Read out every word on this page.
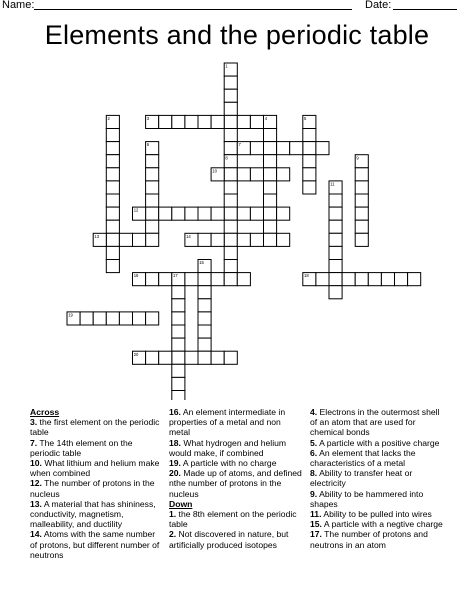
Name:	Date:
Elements and the periodic table
1
2	3	4	5
6	7
8	9
10
11
12
13	14
15
16	17	18
19
20
Across
3. the first element on the periodic table
7. The 14th element on the periodic table
10. What lithium and helium make when combined
12. The number of protons in the nucleus
13. A material that has shininess, conductivity, magnetism, malleability, and ductility
14. Atoms with the same number of protons, but different number of neutrons
16. An element intermediate in properties of a metal and non metal
18. What hydrogen and helium would make, if combined
19. A particle with no charge
20. Made up of atoms, and defined nthe number of protons in the nucleus
Down
1. the 8th element on the periodic table
2. Not discovered in nature, but artificially produced isotopes
4. Electrons in the outermost shell of an atom that are used for chemical bonds
5. A particle with a positive charge
6. An element that lacks the characteristics of a metal
8. Ability to transfer heat or electricity
9. Ability to be hammered into shapes
11. Ability to be pulled into wires
15. A particle with a negtive charge
17. The number of protons and neutrons in an atom
